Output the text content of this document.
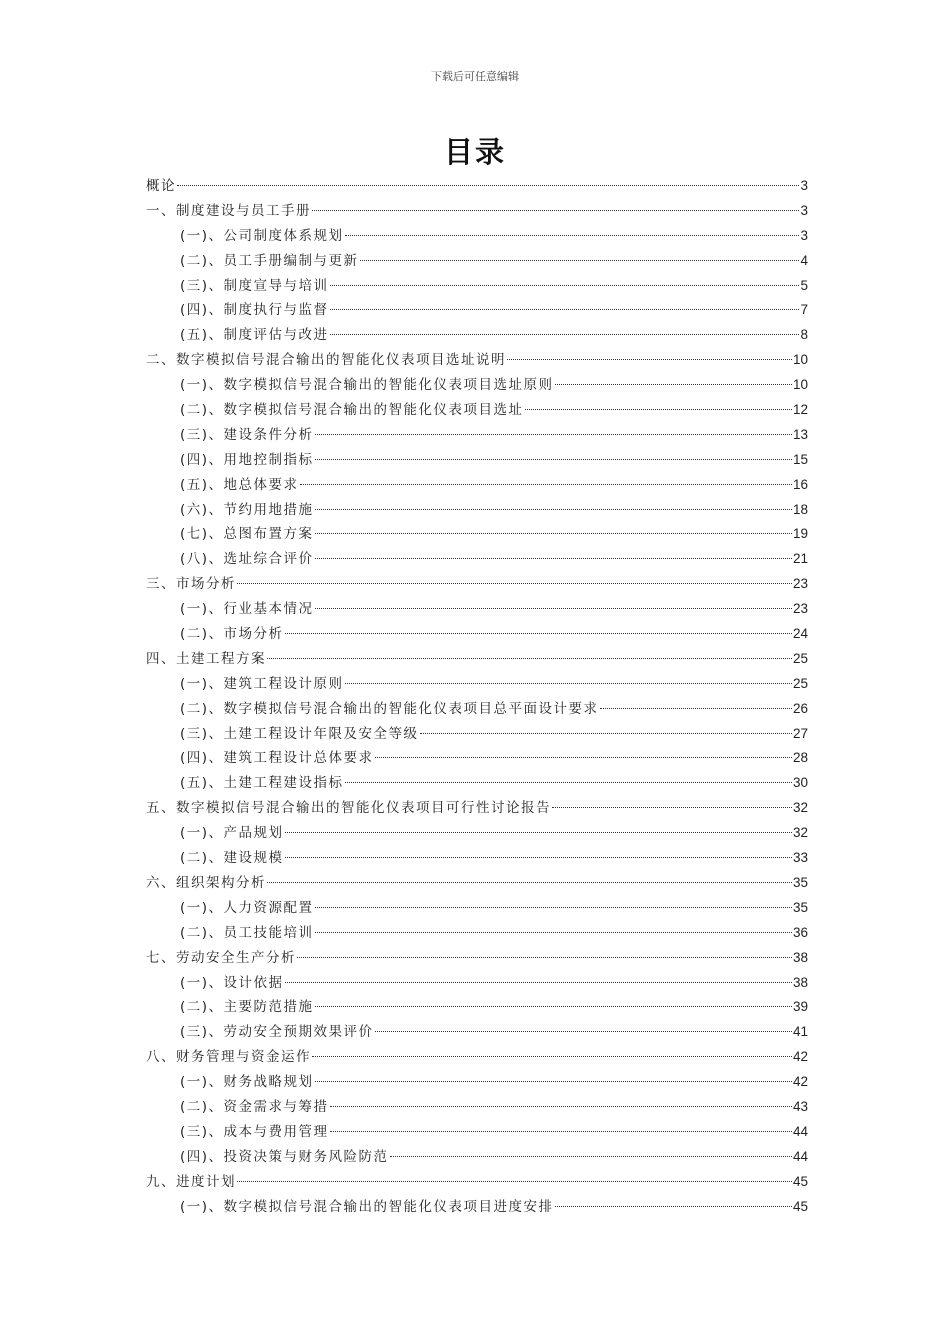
下载后可任意编辑
目录
概论	3
一、制度建设与员工手册	3
(一)、公司制度体系规划	3
(二)、员工手册编制与更新	4
(三)、制度宣导与培训	5
(四)、制度执行与监督	7
(五)、制度评估与改进	8
二、数字模拟信号混合输出的智能化仪表项目选址说明	10
(一)、数字模拟信号混合输出的智能化仪表项目选址原则	10
(二)、数字模拟信号混合输出的智能化仪表项目选址	12
(三)、建设条件分析	13
(四)、用地控制指标	15
(五)、地总体要求	16
(六)、节约用地措施	18
(七)、总图布置方案	19
(八)、选址综合评价	21
三、市场分析	23
(一)、行业基本情况	23
(二)、市场分析	24
四、土建工程方案	25
(一)、建筑工程设计原则	25
(二)、数字模拟信号混合输出的智能化仪表项目总平面设计要求	26
(三)、土建工程设计年限及安全等级	27
(四)、建筑工程设计总体要求	28
(五)、土建工程建设指标	30
五、数字模拟信号混合输出的智能化仪表项目可行性讨论报告	32
(一)、产品规划	32
(二)、建设规模	33
六、组织架构分析	35
(一)、人力资源配置	35
(二)、员工技能培训	36
七、劳动安全生产分析	38
(一)、设计依据	38
(二)、主要防范措施	39
(三)、劳动安全预期效果评价	41
八、财务管理与资金运作	42
(一)、财务战略规划	42
(二)、资金需求与筹措	43
(三)、成本与费用管理	44
(四)、投资决策与财务风险防范	44
九、进度计划	45
(一)、数字模拟信号混合输出的智能化仪表项目进度安排	45
